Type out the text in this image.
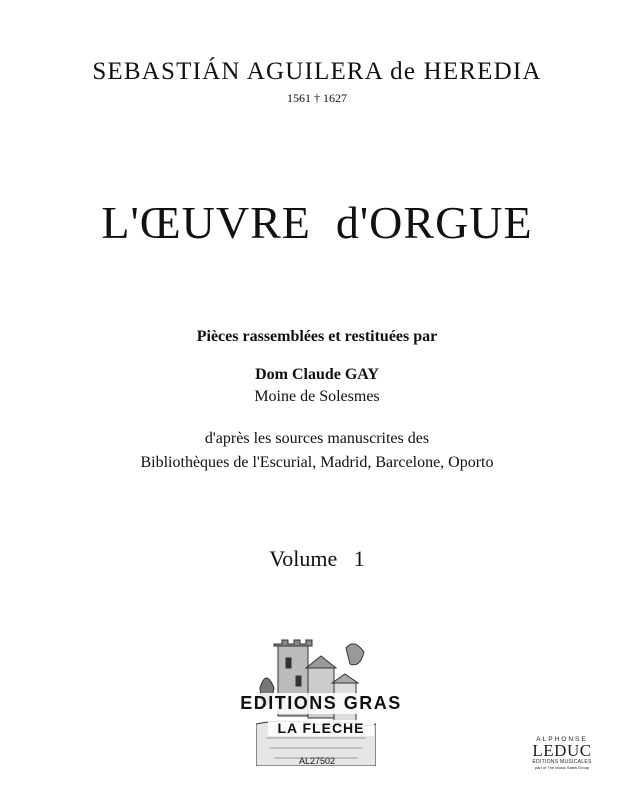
SEBASTIÁN AGUILERA de HEREDIA
1561 † 1627
L'ŒUVRE  d'ORGUE
Pièces rassemblées et restituées par
Dom Claude GAY
Moine de Solesmes
d'après les sources manuscrites des
Bibliothèques de l'Escurial, Madrid, Barcelone, Oporto
Volume   1
EDITIONS GRAS
LA FLECHE
AL27502
ALPHONSE
LEDUC
ÉDITIONS MUSICALES
part of The Music Sales Group
